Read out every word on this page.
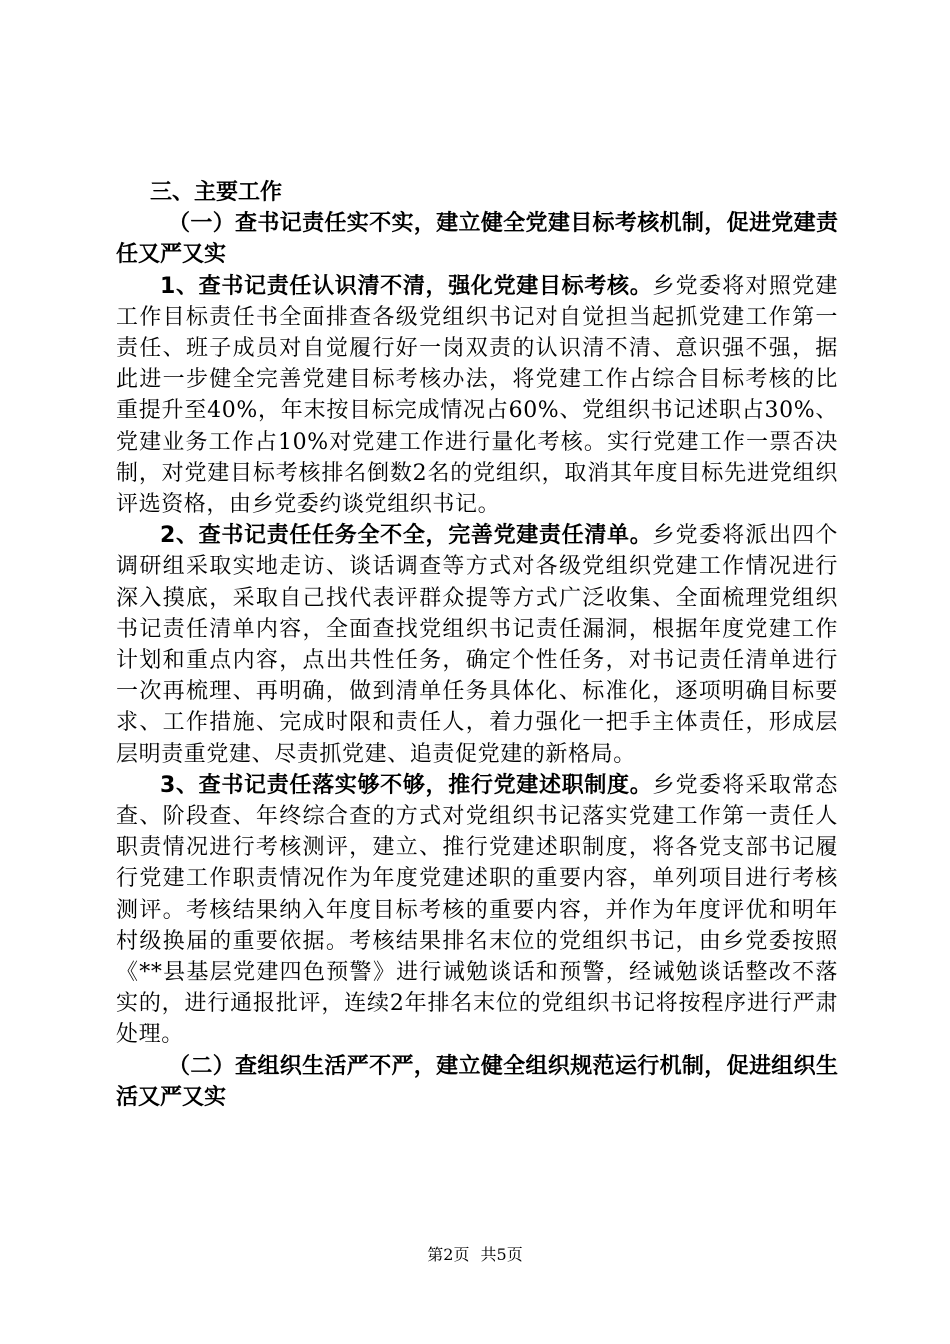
三、主要工作

（一）查书记责任实不实，建立健全党建目标考核机制，促进党建责任又严又实

1、查书记责任认识清不清，强化党建目标考核。乡党委将对照党建工作目标责任书全面排查各级党组织书记对自觉担当起抓党建工作第一责任、班子成员对自觉履行好一岗双责的认识清不清、意识强不强，据此进一步健全完善党建目标考核办法，将党建工作占综合目标考核的比重提升至40%，年末按目标完成情况占60%、党组织书记述职占30%、党建业务工作占10%对党建工作进行量化考核。实行党建工作一票否决制，对党建目标考核排名倒数2名的党组织，取消其年度目标先进党组织评选资格，由乡党委约谈党组织书记。

2、查书记责任任务全不全，完善党建责任清单。乡党委将派出四个调研组采取实地走访、谈话调查等方式对各级党组织党建工作情况进行深入摸底，采取自己找代表评群众提等方式广泛收集、全面梳理党组织书记责任清单内容，全面查找党组织书记责任漏洞，根据年度党建工作计划和重点内容，点出共性任务，确定个性任务，对书记责任清单进行一次再梳理、再明确，做到清单任务具体化、标准化，逐项明确目标要求、工作措施、完成时限和责任人，着力强化一把手主体责任，形成层层明责重党建、尽责抓党建、追责促党建的新格局。

3、查书记责任落实够不够，推行党建述职制度。乡党委将采取常态查、阶段查、年终综合查的方式对党组织书记落实党建工作第一责任人职责情况进行考核测评，建立、推行党建述职制度，将各党支部书记履行党建工作职责情况作为年度党建述职的重要内容，单列项目进行考核测评。考核结果纳入年度目标考核的重要内容，并作为年度评优和明年村级换届的重要依据。考核结果排名末位的党组织书记，由乡党委按照《**县基层党建四色预警》进行诫勉谈话和预警，经诫勉谈话整改不落实的，进行通报批评，连续2年排名末位的党组织书记将按程序进行严肃处理。

（二）查组织生活严不严，建立健全组织规范运行机制，促进组织生活又严又实

第2页 共5页
